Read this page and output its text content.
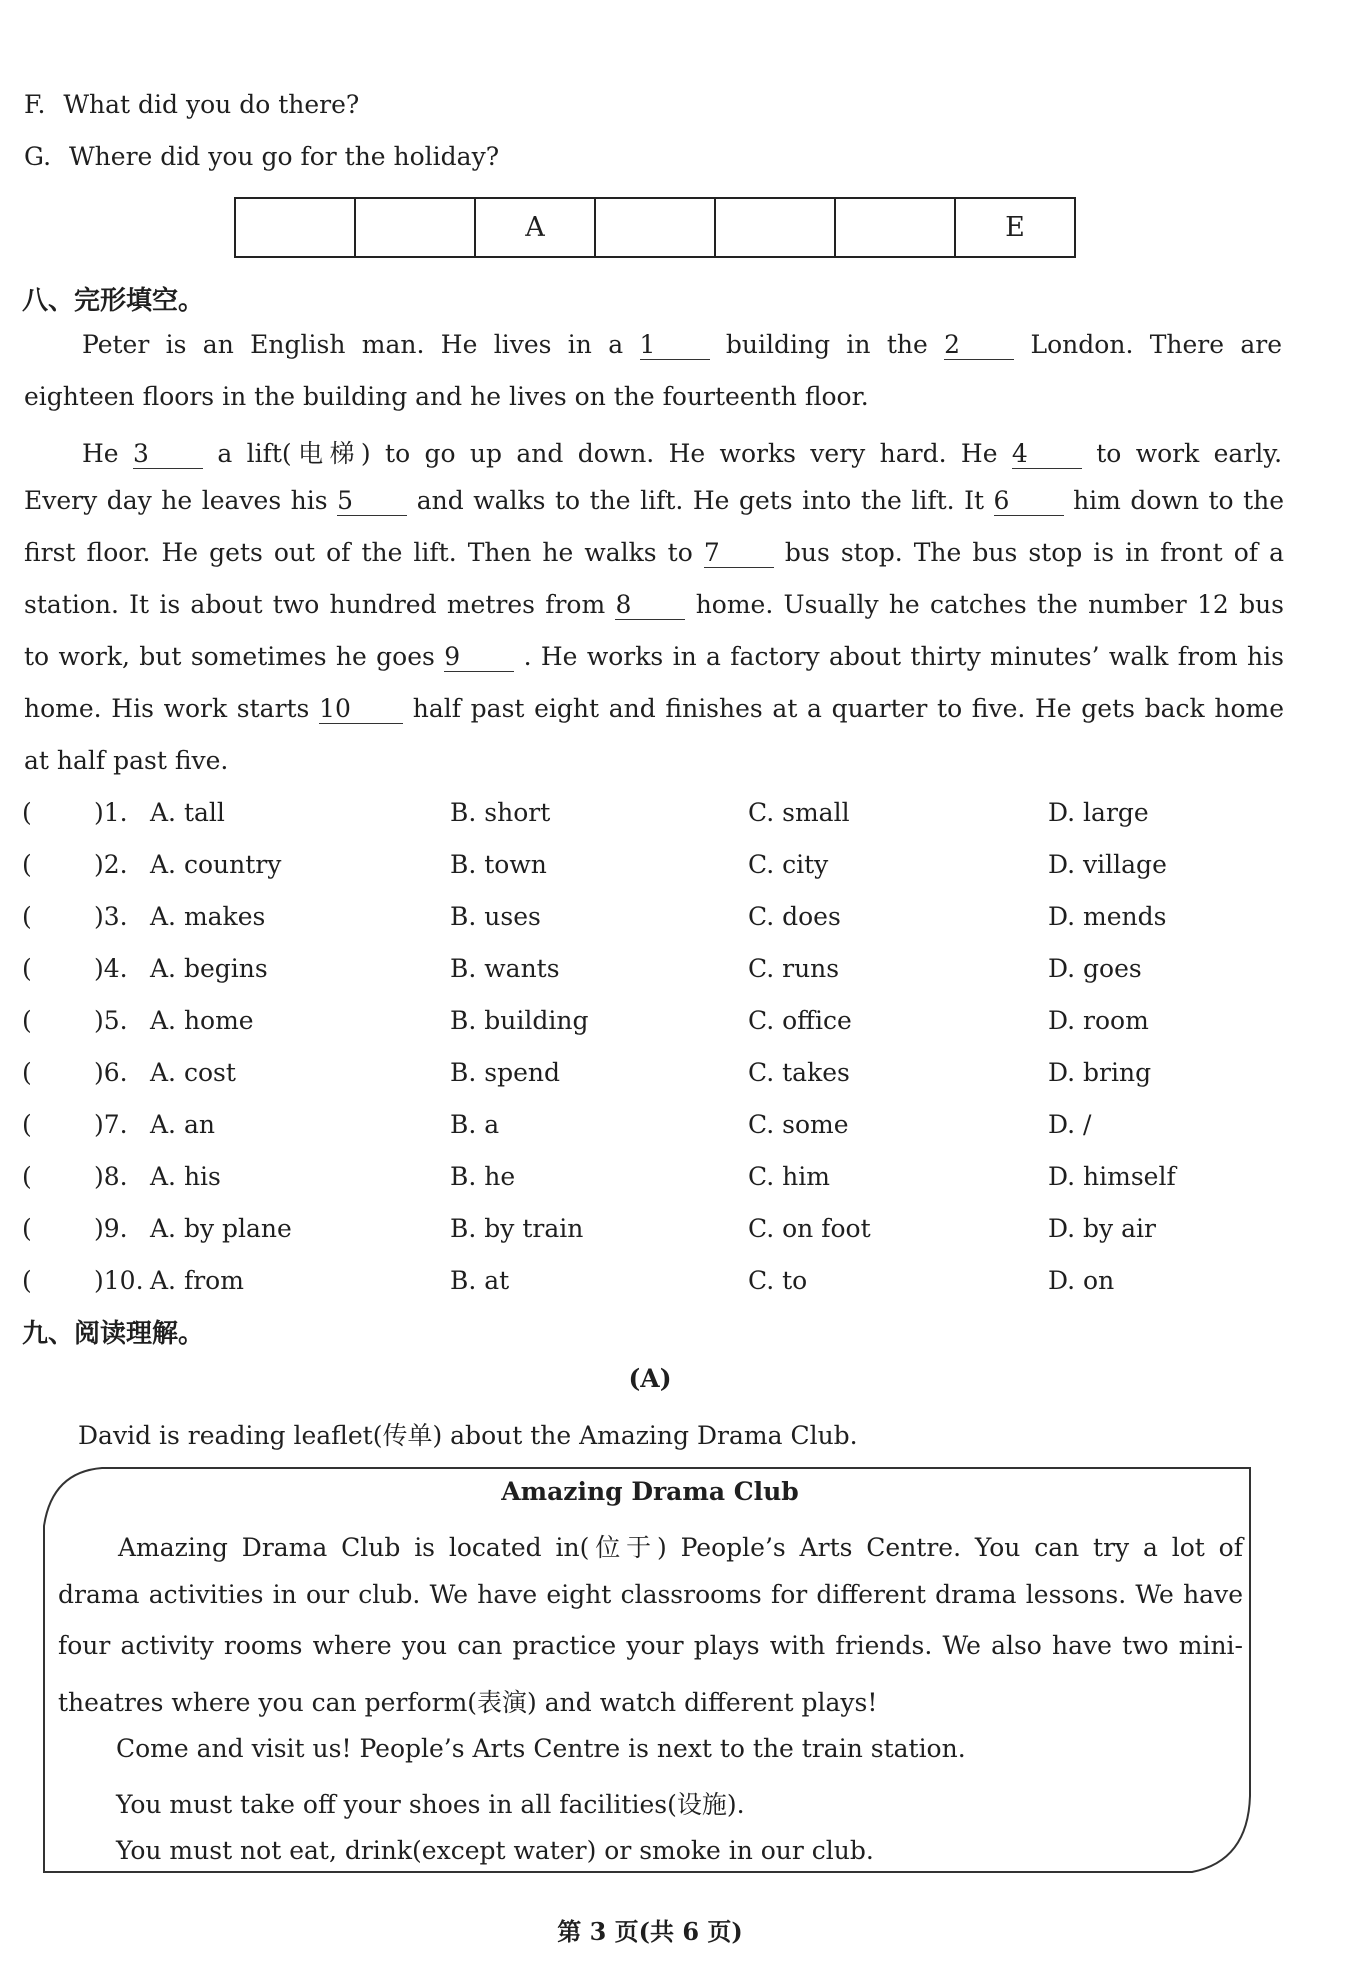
F. What did you do there?
G. Where did you go for the holiday?
		A				E
八、完形填空。
Peter is an English man. He lives in a 1	building in the 2	London. There are
eighteen floors in the building and he lives on the fourteenth floor.
He 3	a lift(电梯) to go up and down. He works very hard. He 4	to work early.
Every day he leaves his 5	and walks to the lift. He gets into the lift. It 6	him down to the
first floor. He gets out of the lift. Then he walks to 7	bus stop. The bus stop is in front of a
station. It is about two hundred metres from 8	home. Usually he catches the number 12 bus
to work, but sometimes he goes 9	. He works in a factory about thirty minutes’ walk from his
home. His work starts 10 half past eight and finishes at a quarter to five. He gets back home
at half past five.
( )1. A. tall	B. short	C. small	D. large
( )2. A. country	B. town	C. city	D. village
( )3. A. makes	B. uses	C. does	D. mends
( )4. A. begins	B. wants	C. runs	D. goes
( )5. A. home	B. building	C. office	D. room
( )6. A. cost	B. spend	C. takes	D. bring
( )7. A. an	B. a	C. some	D. /
( )8. A. his	B. he	C. him	D. himself
( )9. A. by plane	B. by train	C. on foot	D. by air
( )10. A. from	B. at	C. to	D. on
九、阅读理解。
(A)
David is reading leaflet(传单) about the Amazing Drama Club.
Amazing Drama Club
Amazing Drama Club is located in(位于) People’s Arts Centre. You can try a lot of
drama activities in our club. We have eight classrooms for different drama lessons. We have
four activity rooms where you can practice your plays with friends. We also have two mini-
theatres where you can perform(表演) and watch different plays!
Come and visit us! People’s Arts Centre is next to the train station.
You must take off your shoes in all facilities(设施).
You must not eat, drink(except water) or smoke in our club.
第 3 页(共 6 页)
